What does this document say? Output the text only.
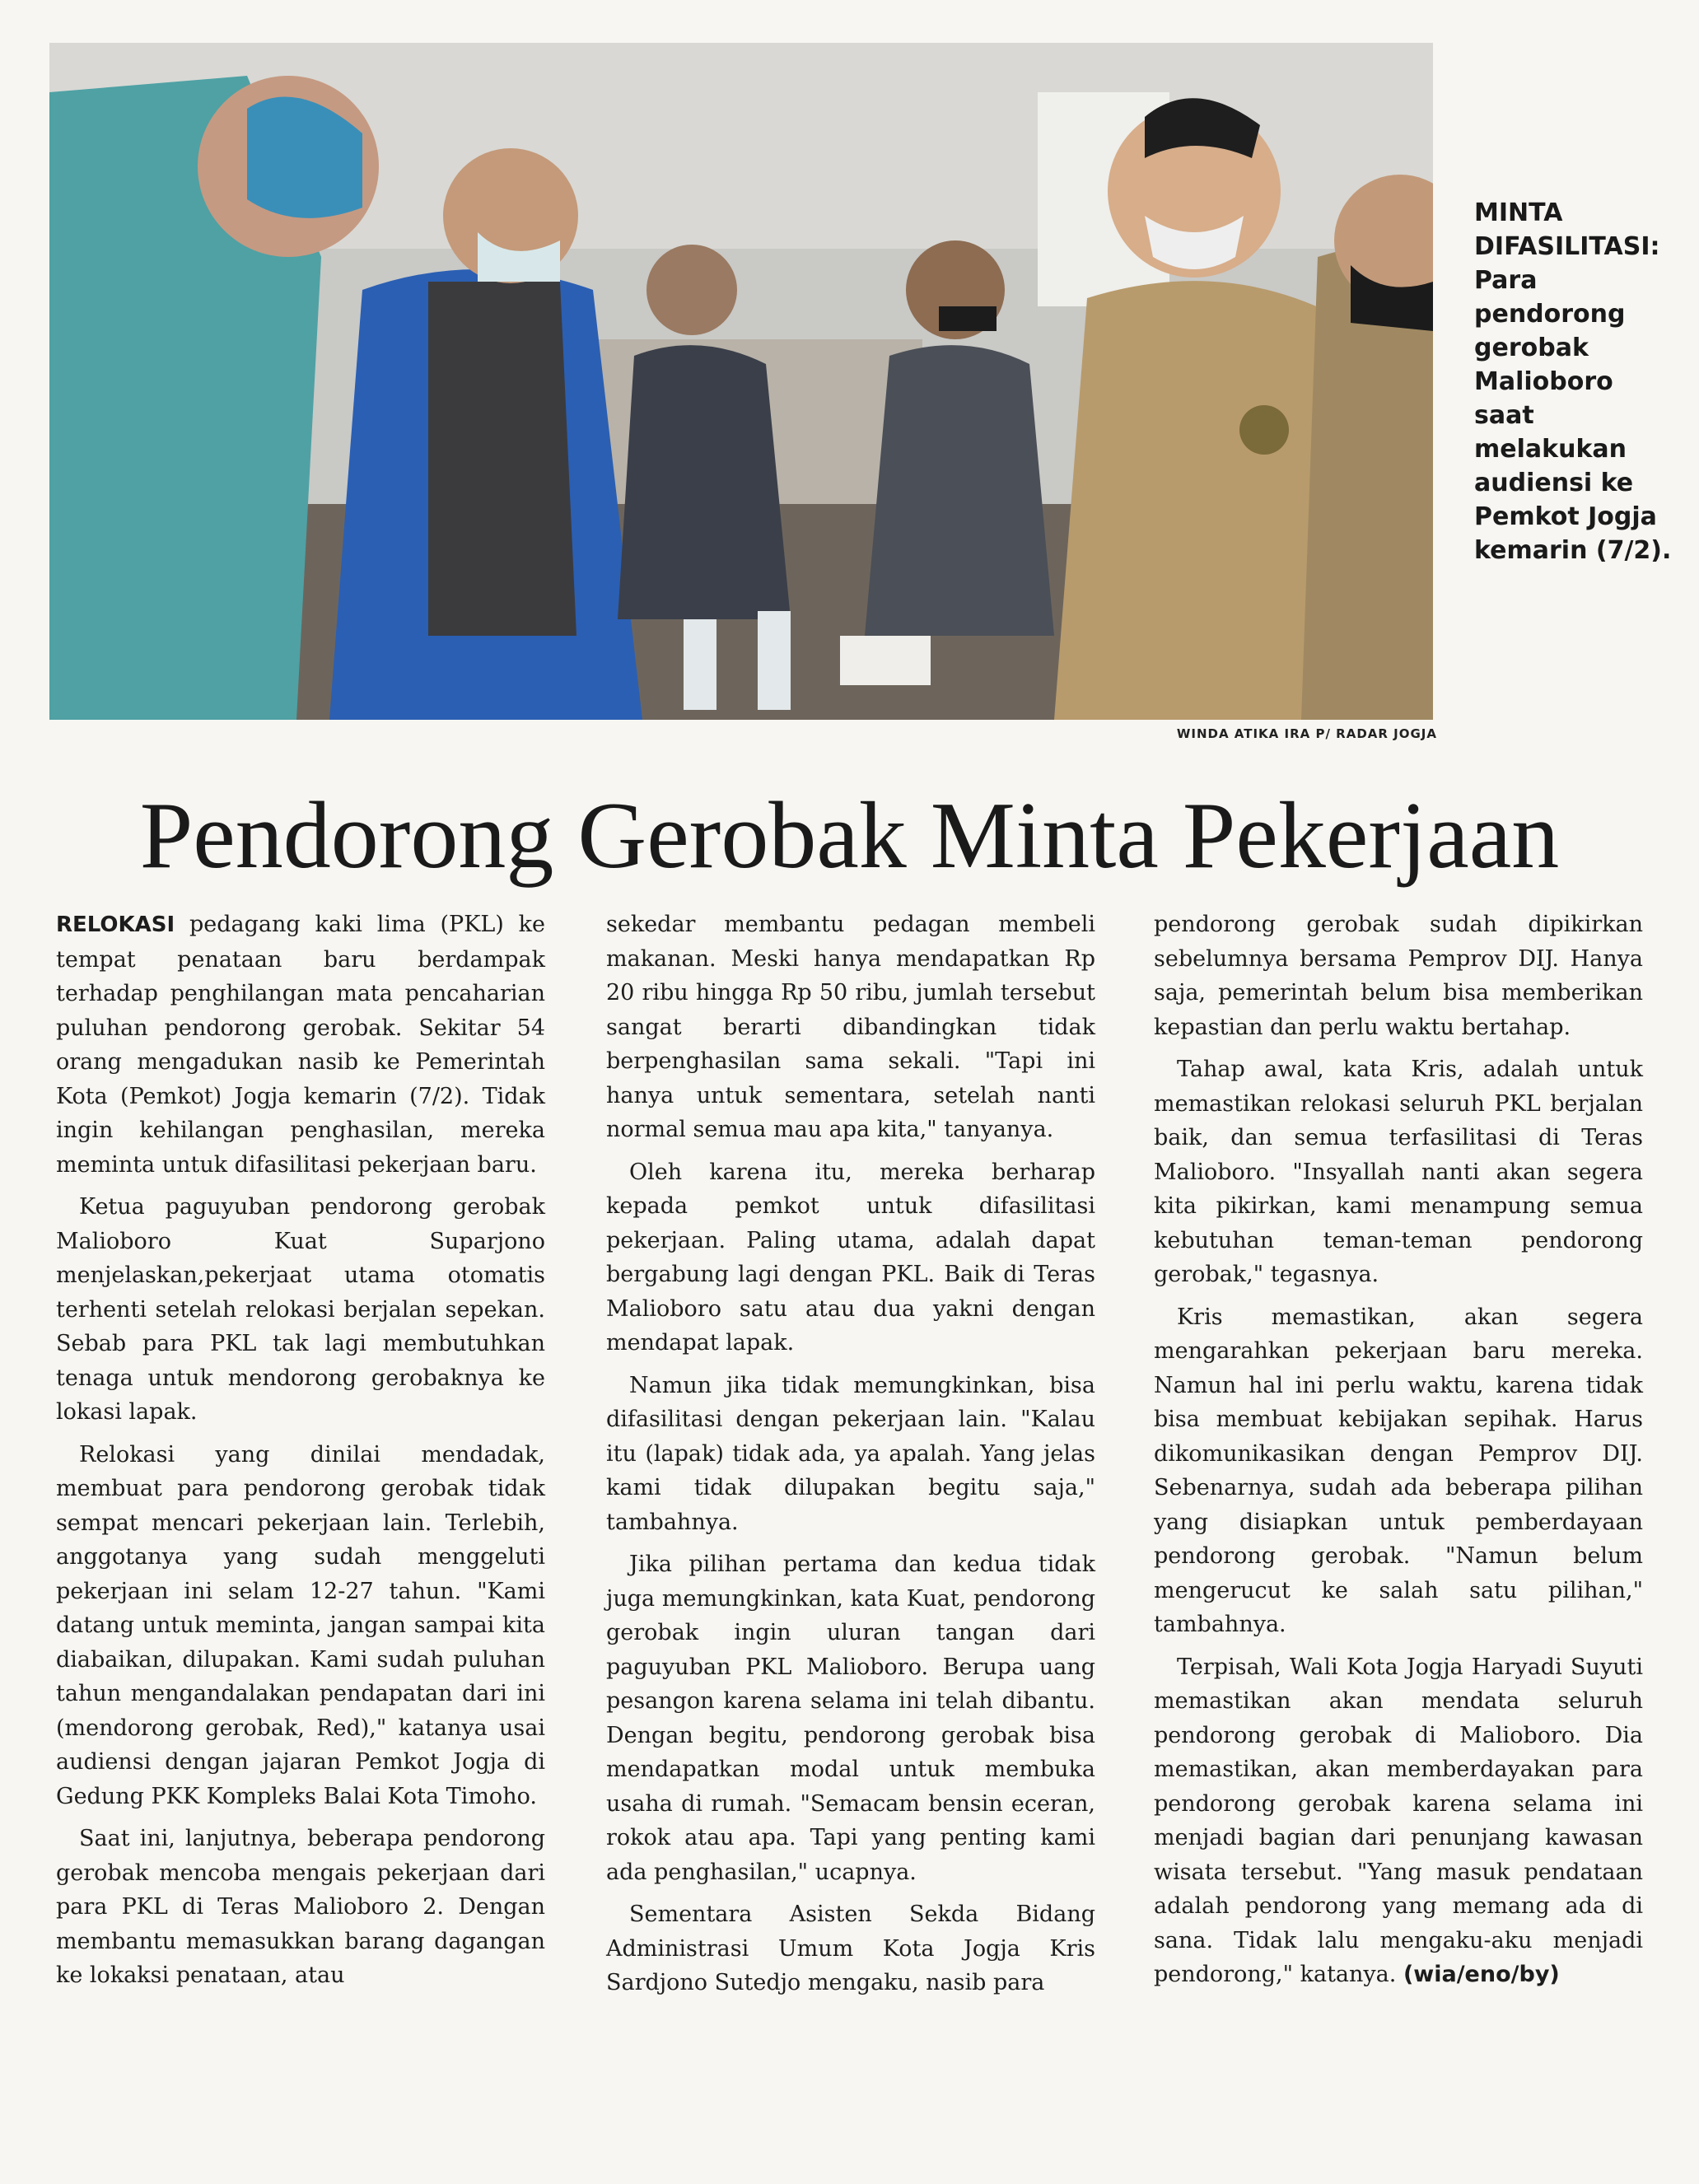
MINTA DIFASILITASI:
Para pendorong gerobak Malioboro saat melakukan audiensi ke Pemkot Jogja kemarin (7/2).
WINDA ATIKA IRA P/ RADAR JOGJA
Pendorong Gerobak Minta Pekerjaan

RELOKASI pedagang kaki lima (PKL) ke tempat penataan baru berdampak terhadap penghilangan mata pencaharian puluhan pendorong gerobak. Sekitar 54 orang mengadukan nasib ke Pemerintah Kota (Pemkot) Jogja kemarin (7/2). Tidak ingin kehilangan penghasilan, mereka meminta untuk difasilitasi pekerjaan baru.

Ketua paguyuban pendorong gerobak Malioboro Kuat Suparjono menjelaskan,pekerjaat utama otomatis terhenti setelah relokasi berjalan sepekan. Sebab para PKL tak lagi membutuhkan tenaga untuk mendorong gerobaknya ke lokasi lapak.

Relokasi yang dinilai mendadak, membuat para pendorong gerobak tidak sempat mencari pekerjaan lain. Terlebih, anggotanya yang sudah menggeluti pekerjaan ini selam 12-27 tahun. "Kami datang untuk meminta, jangan sampai kita diabaikan, dilupakan. Kami sudah puluhan tahun mengandalakan pendapatan dari ini (mendorong gerobak, Red)," katanya usai audiensi dengan jajaran Pemkot Jogja di Gedung PKK Kompleks Balai Kota Timoho.

Saat ini, lanjutnya, beberapa pendorong gerobak mencoba mengais pekerjaan dari para PKL di Teras Malioboro 2. Dengan membantu memasukkan barang dagangan ke lokaksi penataan, atau

sekedar membantu pedagan membeli makanan. Meski hanya mendapatkan Rp 20 ribu hingga Rp 50 ribu, jumlah tersebut sangat berarti dibandingkan tidak berpenghasilan sama sekali. "Tapi ini hanya untuk sementara, setelah nanti normal semua mau apa kita," tanyanya.

Oleh karena itu, mereka berharap kepada pemkot untuk difasilitasi pekerjaan. Paling utama, adalah dapat bergabung lagi dengan PKL. Baik di Teras Malioboro satu atau dua yakni dengan mendapat lapak.

Namun jika tidak memungkinkan, bisa difasilitasi dengan pekerjaan lain. "Kalau itu (lapak) tidak ada, ya apalah. Yang jelas kami tidak dilupakan begitu saja," tambahnya.

Jika pilihan pertama dan kedua tidak juga memungkinkan, kata Kuat, pendorong gerobak ingin uluran tangan dari paguyuban PKL Malioboro. Berupa uang pesangon karena selama ini telah dibantu. Dengan begitu, pendorong gerobak bisa mendapatkan modal untuk membuka usaha di rumah. "Semacam bensin eceran, rokok atau apa. Tapi yang penting kami ada penghasilan," ucapnya.

Sementara Asisten Sekda Bidang Administrasi Umum Kota Jogja Kris Sardjono Sutedjo mengaku, nasib para

pendorong gerobak sudah dipikirkan sebelumnya bersama Pemprov DIJ. Hanya saja, pemerintah belum bisa memberikan kepastian dan perlu waktu bertahap.

Tahap awal, kata Kris, adalah untuk memastikan relokasi seluruh PKL berjalan baik, dan semua terfasilitasi di Teras Malioboro. "Insyallah nanti akan segera kita pikirkan, kami menampung semua kebutuhan teman-teman pendorong gerobak," tegasnya.

Kris memastikan, akan segera mengarahkan pekerjaan baru mereka. Namun hal ini perlu waktu, karena tidak bisa membuat kebijakan sepihak. Harus dikomunikasikan dengan Pemprov DIJ. Sebenarnya, sudah ada beberapa pilihan yang disiapkan untuk pemberdayaan pendorong gerobak. "Namun belum mengerucut ke salah satu pilihan," tambahnya.

Terpisah, Wali Kota Jogja Haryadi Suyuti memastikan akan mendata seluruh pendorong gerobak di Malioboro. Dia memastikan, akan memberdayakan para pendorong gerobak karena selama ini menjadi bagian dari penunjang kawasan wisata tersebut. "Yang masuk pendataan adalah pendorong yang memang ada di sana. Tidak lalu mengaku-aku menjadi pendorong," katanya. (wia/eno/by)
